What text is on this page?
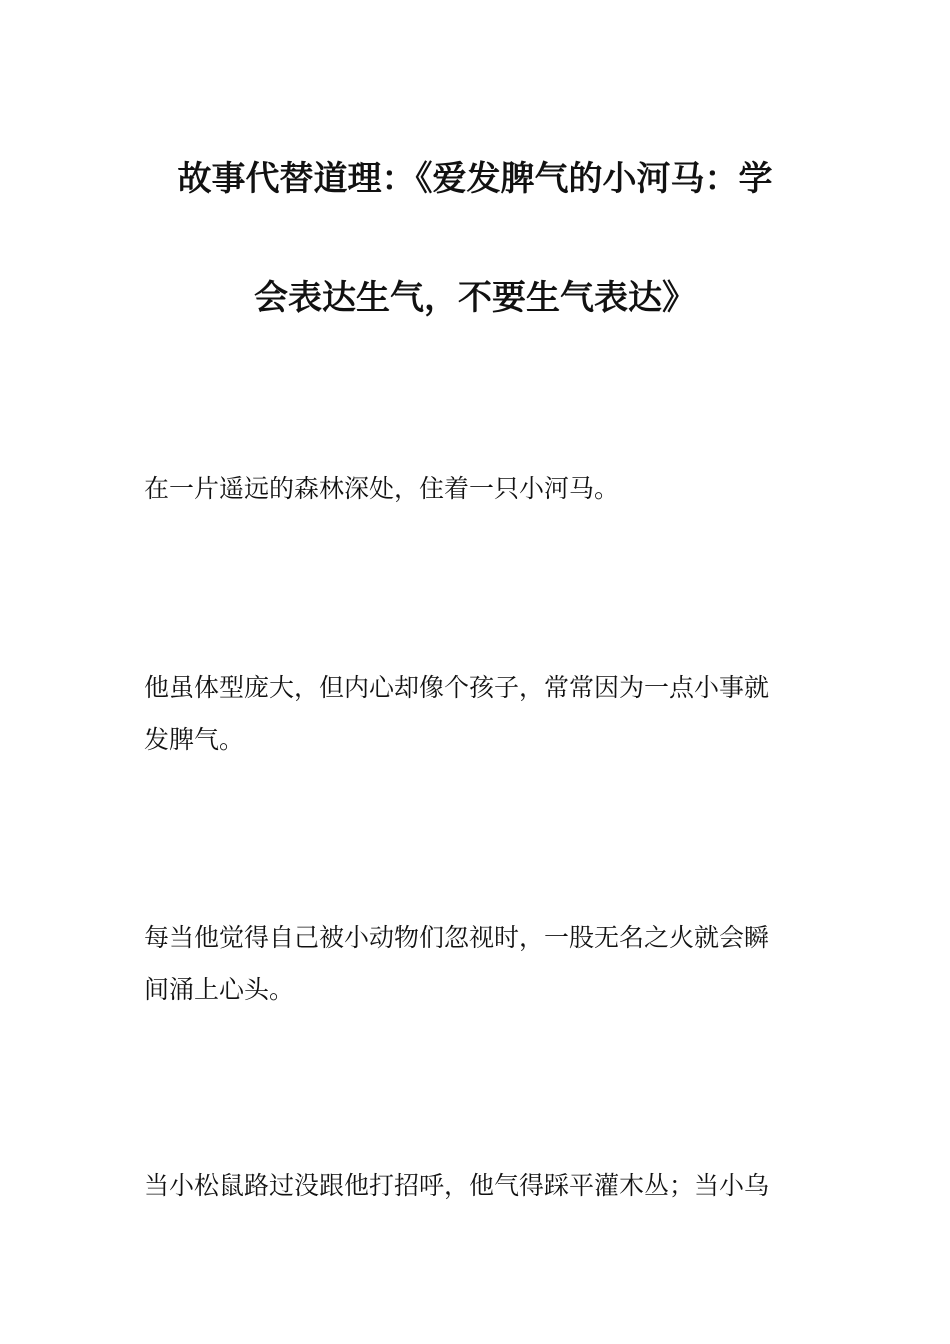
故事代替道理：《爱发脾气的小河马：学
会表达生气，不要生气表达》
在一片遥远的森林深处，住着一只小河马。
他虽体型庞大，但内心却像个孩子，常常因为一点小事就
发脾气。
每当他觉得自己被小动物们忽视时，一股无名之火就会瞬
间涌上心头。
当小松鼠路过没跟他打招呼，他气得踩平灌木丛；当小乌
